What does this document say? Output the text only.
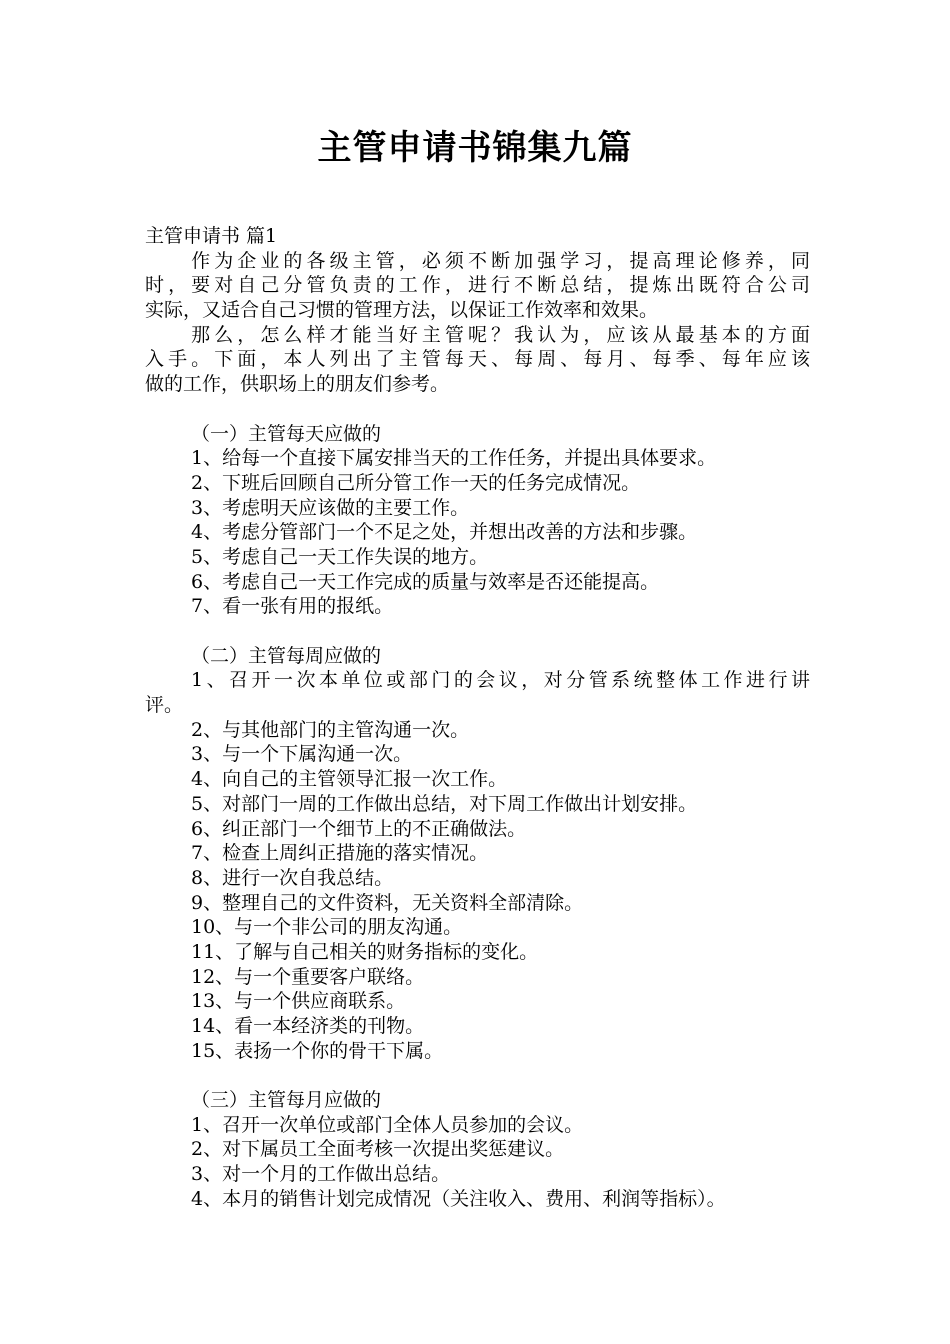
主管申请书锦集九篇
主管申请书 篇1
　　作为企业的各级主管，必须不断加强学习，提高理论修养，同
时，要对自己分管负责的工作，进行不断总结，提炼出既符合公司
实际，又适合自己习惯的管理方法，以保证工作效率和效果。
　　那么，怎么样才能当好主管呢？我认为，应该从最基本的方面
入手。下面，本人列出了主管每天、每周、每月、每季、每年应该
做的工作，供职场上的朋友们参考。
（一）主管每天应做的
1、给每一个直接下属安排当天的工作任务，并提出具体要求。
2、下班后回顾自己所分管工作一天的任务完成情况。
3、考虑明天应该做的主要工作。
4、考虑分管部门一个不足之处，并想出改善的方法和步骤。
5、考虑自己一天工作失误的地方。
6、考虑自己一天工作完成的质量与效率是否还能提高。
7、看一张有用的报纸。
（二）主管每周应做的
1、召开一次本单位或部门的会议，对分管系统整体工作进行讲
评。
2、与其他部门的主管沟通一次。
3、与一个下属沟通一次。
4、向自己的主管领导汇报一次工作。
5、对部门一周的工作做出总结，对下周工作做出计划安排。
6、纠正部门一个细节上的不正确做法。
7、检查上周纠正措施的落实情况。
8、进行一次自我总结。
9、整理自己的文件资料，无关资料全部清除。
10、与一个非公司的朋友沟通。
11、了解与自己相关的财务指标的变化。
12、与一个重要客户联络。
13、与一个供应商联系。
14、看一本经济类的刊物。
15、表扬一个你的骨干下属。
（三）主管每月应做的
1、召开一次单位或部门全体人员参加的会议。
2、对下属员工全面考核一次提出奖惩建议。
3、对一个月的工作做出总结。
4、本月的销售计划完成情况（关注收入、费用、利润等指标）。
